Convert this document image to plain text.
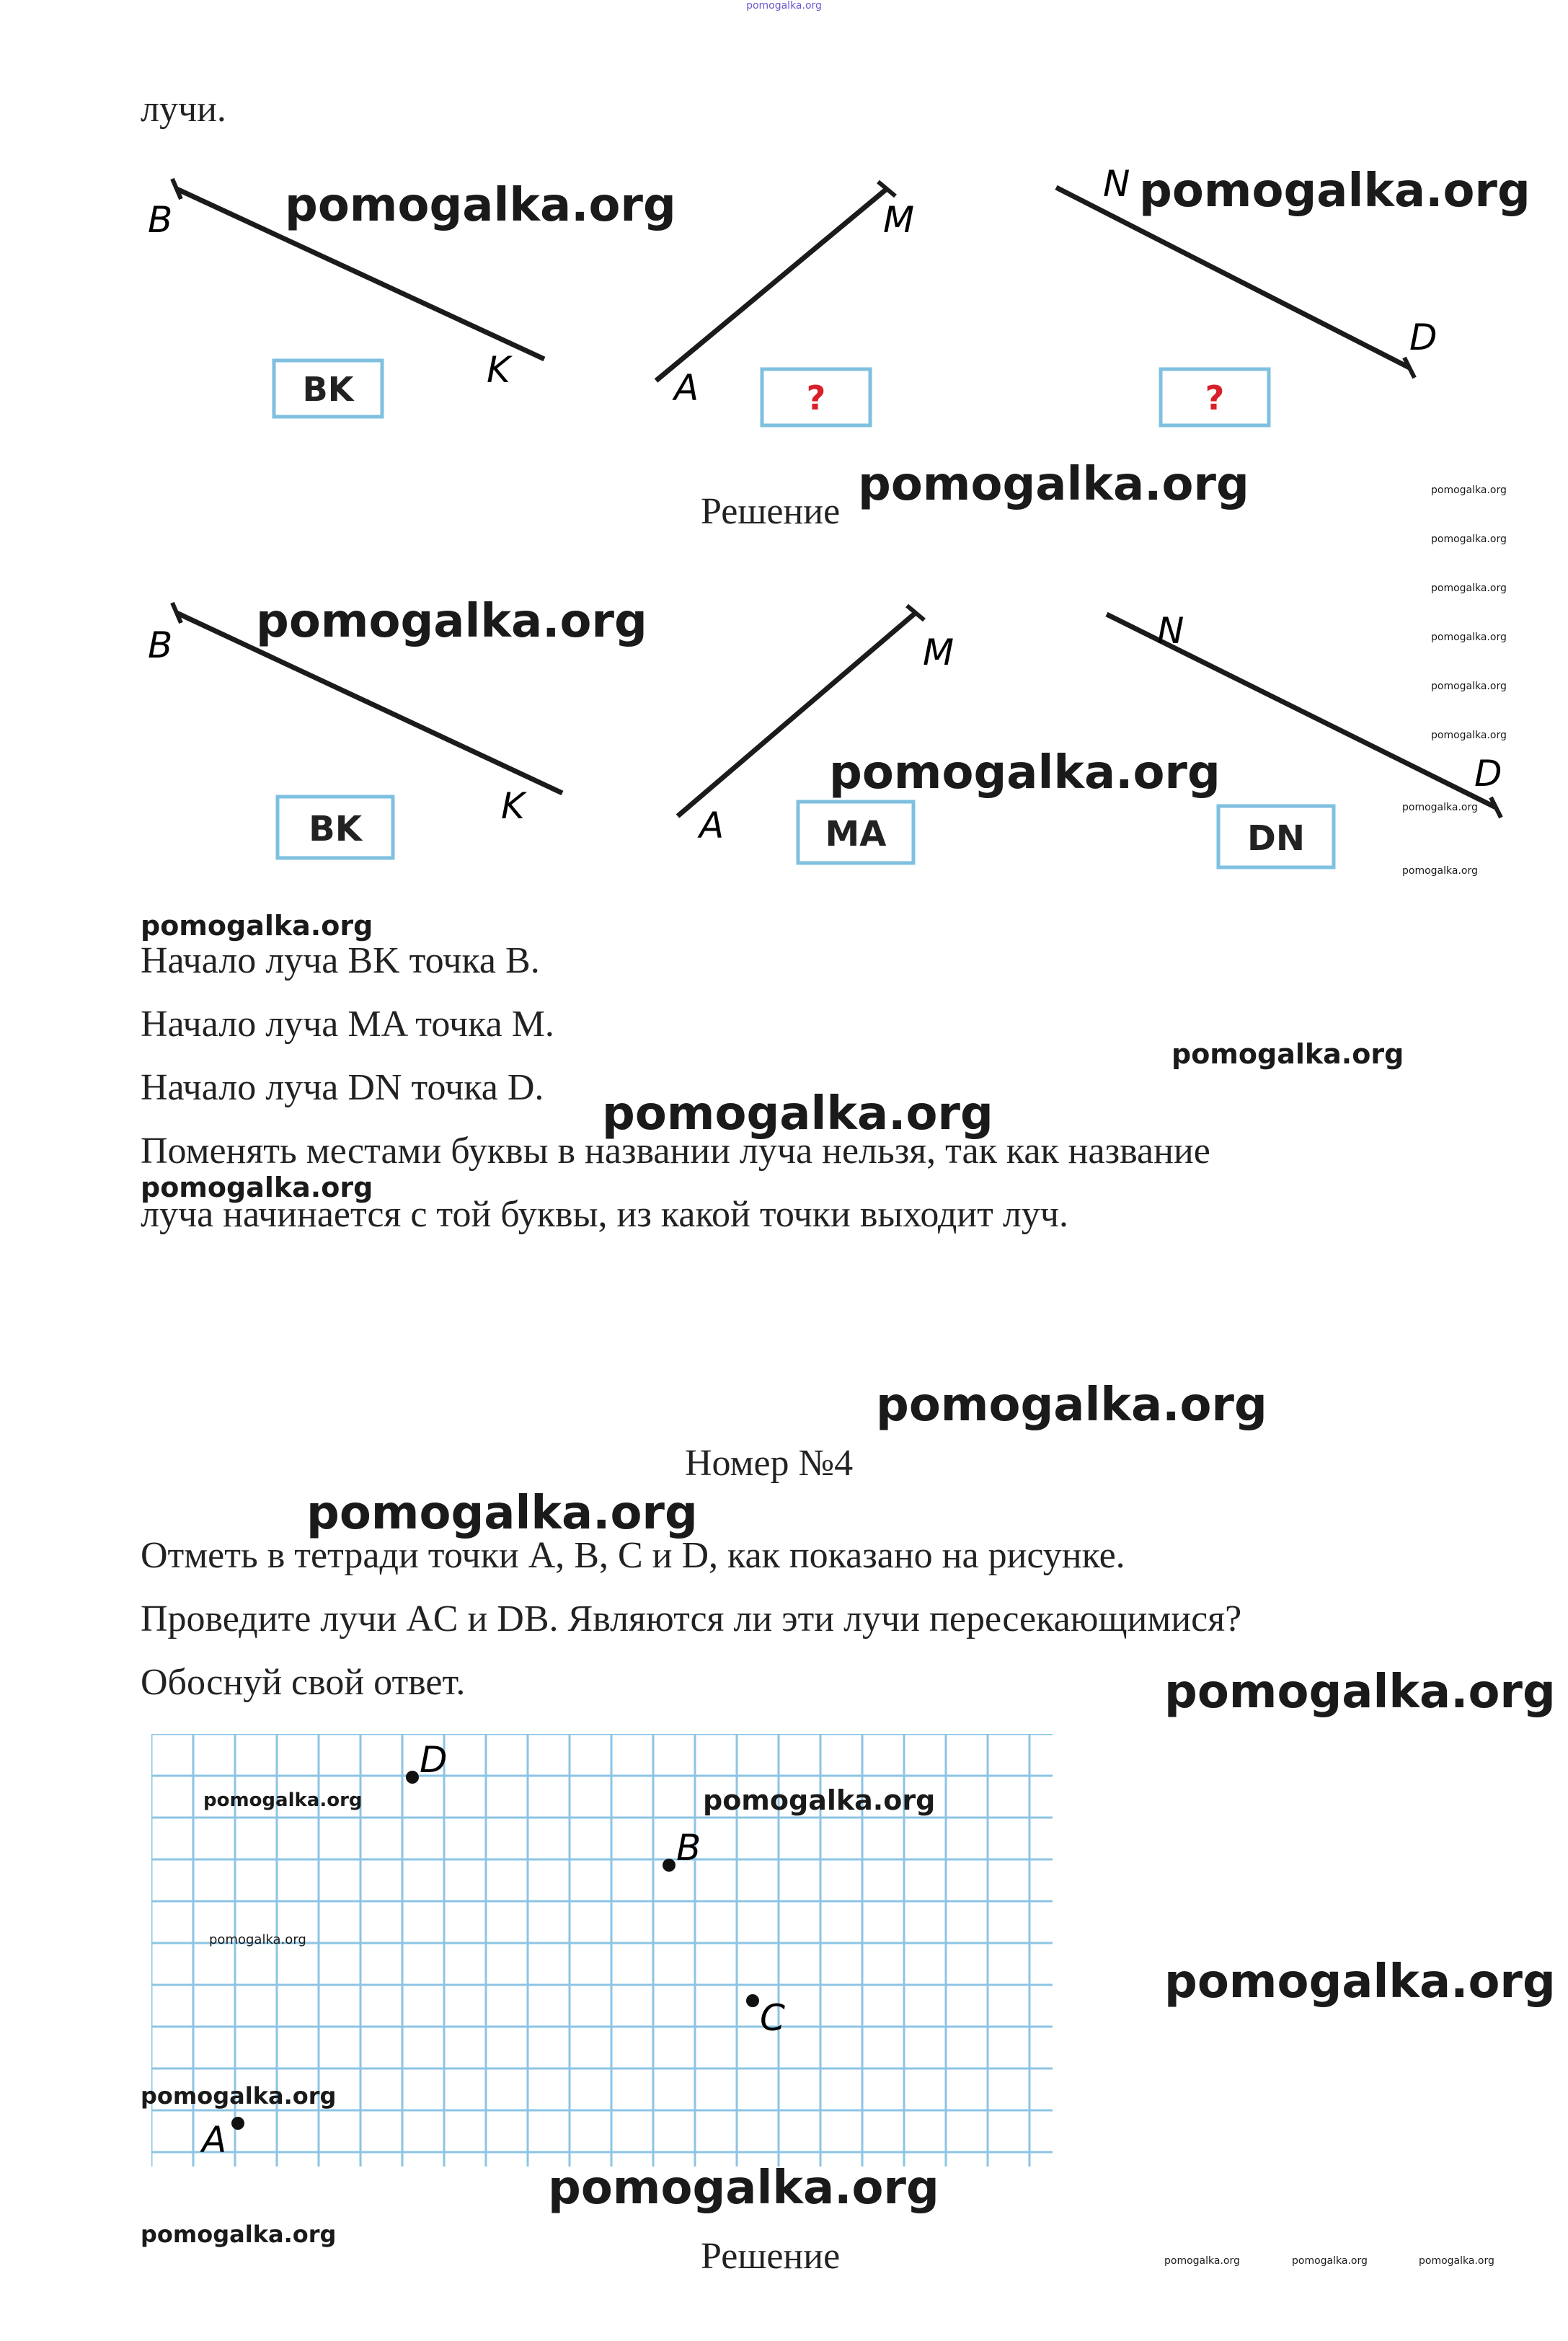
pomogalka.org
лучи.
B
K
BK
M
A	?
N
D
?
pomogalka.org	pomogalka.org
Решение
pomogalka.org
B
K
BK
M
A	MA
N
D
DN
pomogalka.org
pomogalka.org
pomogalka.org
pomogalka.org
pomogalka.org
pomogalka.org
pomogalka.org
pomogalka.org
pomogalka.org
pomogalka.org
pomogalka.org
Начало луча BK точка B.
Начало луча MA точка M.
pomogalka.org
Начало луча DN точка D. pomogalka.org
Поменять местами буквы в названии луча нельзя, так как название
pomogalka.org
луча начинается с той буквы, из какой точки выходит луч.
pomogalka.org
Номер №4
pomogalka.org
Отметь в тетради точки A, B, C и D, как показано на рисунке.
Проведите лучи AC и DB. Являются ли эти лучи пересекающимися?
Обоснуй свой ответ.	pomogalka.org
D
B
C
A
pomogalka.org	pomogalka.org
pomogalka.org
pomogalka.org
pomogalka.org
pomogalka.org
pomogalka.org
Решение	pomogalka.org	pomogalka.org	pomogalka.org
